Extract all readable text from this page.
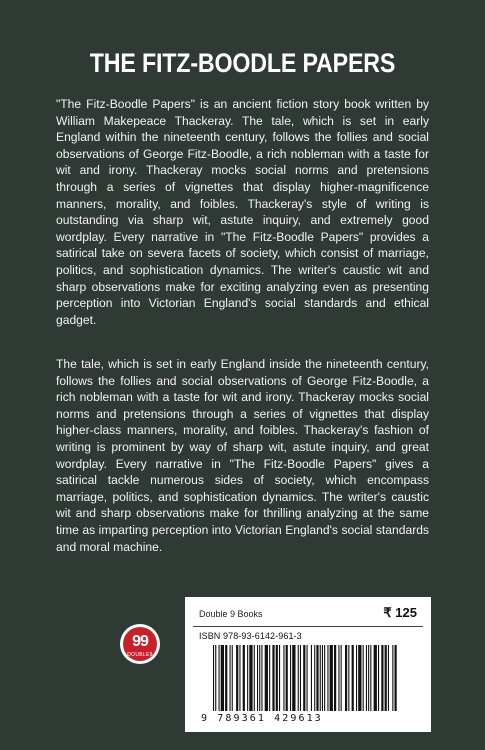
THE FITZ-BOODLE PAPERS
"The Fitz-Boodle Papers" is an ancient fiction story book written by William Makepeace Thackeray. The tale, which is set in early England within the nineteenth century, follows the follies and social observations of George Fitz-Boodle, a rich nobleman with a taste for wit and irony. Thackeray mocks social norms and pretensions through a series of vignettes that display higher-magnificence manners, morality, and foibles. Thackeray's style of writing is outstanding via sharp wit, astute inquiry, and extremely good wordplay. Every narrative in "The Fitz-Boodle Papers" provides a satirical take on severa facets of society, which consist of marriage, politics, and sophistication dynamics. The writer's caustic wit and sharp observations make for exciting analyzing even as presenting perception into Victorian England's social standards and ethical gadget.
The tale, which is set in early England inside the nineteenth century, follows the follies and social observations of George Fitz-Boodle, a rich nobleman with a taste for wit and irony. Thackeray mocks social norms and pretensions through a series of vignettes that display higher-class manners, morality, and foibles. Thackeray's fashion of writing is prominent by way of sharp wit, astute inquiry, and great wordplay. Every narrative in "The Fitz-Boodle Papers" gives a satirical tackle numerous sides of society, which encompass marriage, politics, and sophistication dynamics. The writer's caustic wit and sharp observations make for thrilling analyzing at the same time as imparting perception into Victorian England's social standards and moral machine.
99
DOUBLE9
Double 9 Books	₹ 125
ISBN 978-93-6142-961-3
9 789361 429613
